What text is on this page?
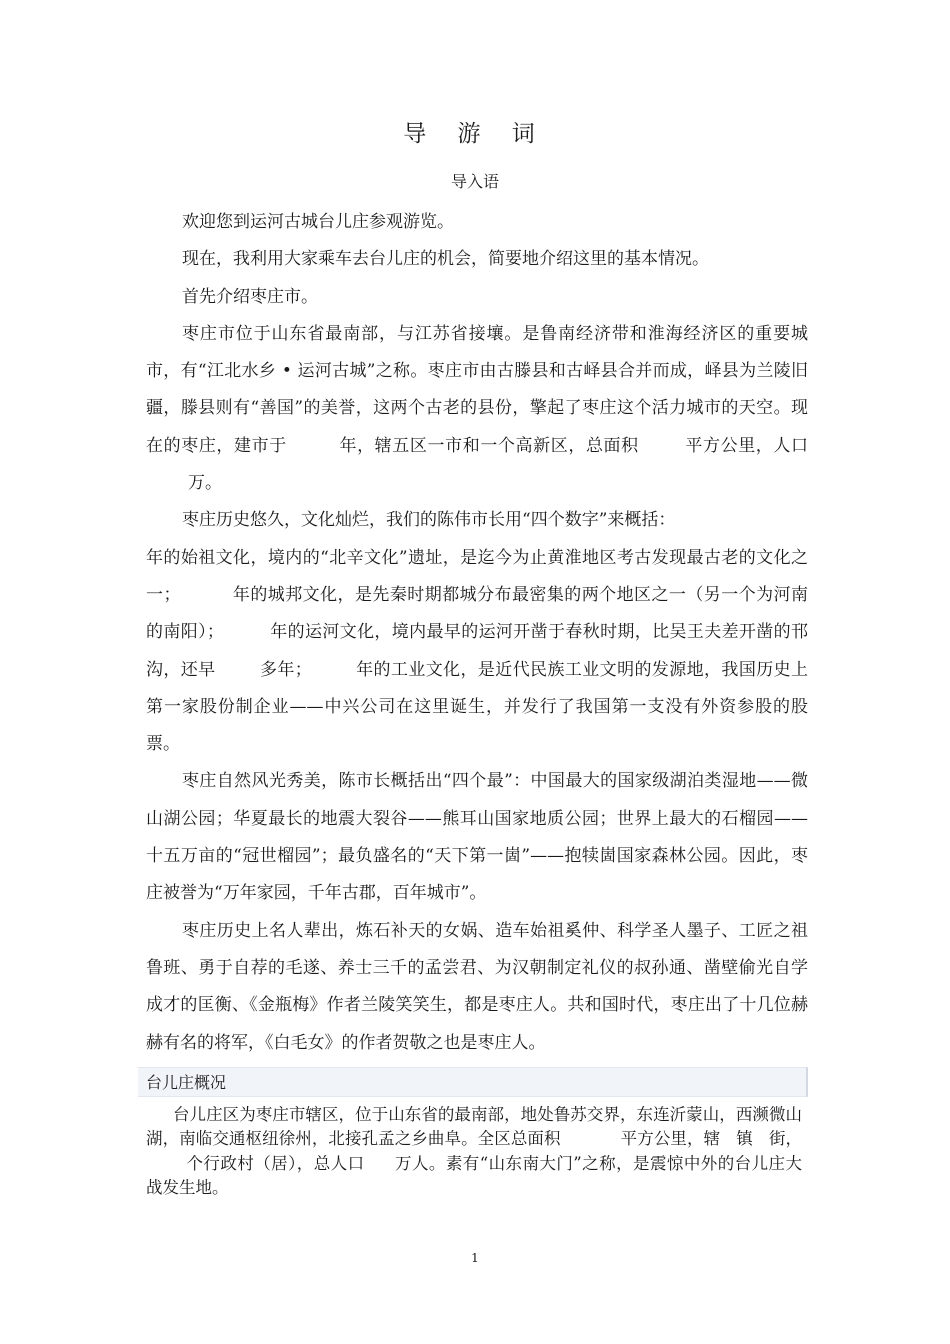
导 游 词
导入语

欢迎您到运河古城台儿庄参观游览。

现在，我利用大家乘车去台儿庄的机会，简要地介绍这里的基本情况。

首先介绍枣庄市。

枣庄市位于山东省最南部，与江苏省接壤。是鲁南经济带和淮海经济区的重要城市，有“江北水乡 • 运河古城”之称。枣庄市由古滕县和古峄县合并而成，峄县为兰陵旧疆，滕县则有“善国”的美誉，这两个古老的县份，擎起了枣庄这个活力城市的天空。现在的枣庄，建市于	年，辖五区一市和一个高新区，总面积	平方公里，人口万。

枣庄历史悠久，文化灿烂，我们的陈伟市长用“四个数字”来概括：

年的始祖文化，境内的“北辛文化”遗址，是迄今为止黄淮地区考古发现最古老的文化之一；	年的城邦文化，是先秦时期都城分布最密集的两个地区之一（另一个为河南的南阳）；	年的运河文化，境内最早的运河开凿于春秋时期，比吴王夫差开凿的邗沟，还早	多年；	年的工业文化，是近代民族工业文明的发源地，我国历史上第一家股份制企业——中兴公司在这里诞生，并发行了我国第一支没有外资参股的股票。

枣庄自然风光秀美，陈市长概括出“四个最”：中国最大的国家级湖泊类湿地——微山湖公园；华夏最长的地震大裂谷——熊耳山国家地质公园；世界上最大的石榴园——十五万亩的“冠世榴园”；最负盛名的“天下第一崮”——抱犊崮国家森林公园。因此，枣庄被誉为“万年家园，千年古郡，百年城市”。

枣庄历史上名人辈出，炼石补天的女娲、造车始祖奚仲、科学圣人墨子、工匠之祖鲁班、勇于自荐的毛遂、养士三千的孟尝君、为汉朝制定礼仪的叔孙通、凿壁偷光自学成才的匡衡、《金瓶梅》作者兰陵笑笑生，都是枣庄人。共和国时代，枣庄出了十几位赫赫有名的将军，《白毛女》的作者贺敬之也是枣庄人。

台儿庄概况

台儿庄区为枣庄市辖区，位于山东省的最南部，地处鲁苏交界，东连沂蒙山，西濒微山湖，南临交通枢纽徐州，北接孔孟之乡曲阜。全区总面积	平方公里，辖 镇 街，个行政村（居），总人口 万人。素有“山东南大门”之称，是震惊中外的台儿庄大战发生地。

1
